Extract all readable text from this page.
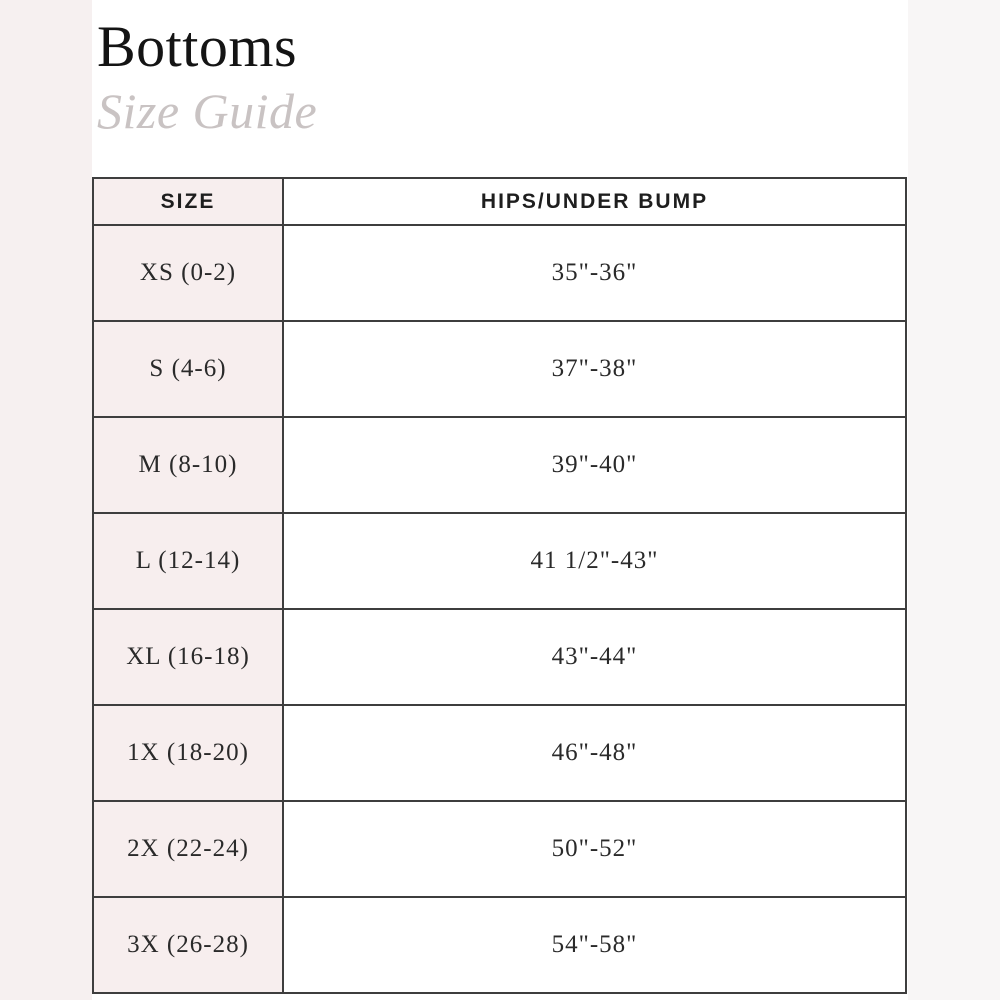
Bottoms
Size Guide
SIZE	HIPS/UNDER BUMP
XS (0-2)	35"-36"
S (4-6)	37"-38"
M (8-10)	39"-40"
L (12-14)	41 1/2"-43"
XL (16-18)	43"-44"
1X (18-20)	46"-48"
2X (22-24)	50"-52"
3X (26-28)	54"-58"
